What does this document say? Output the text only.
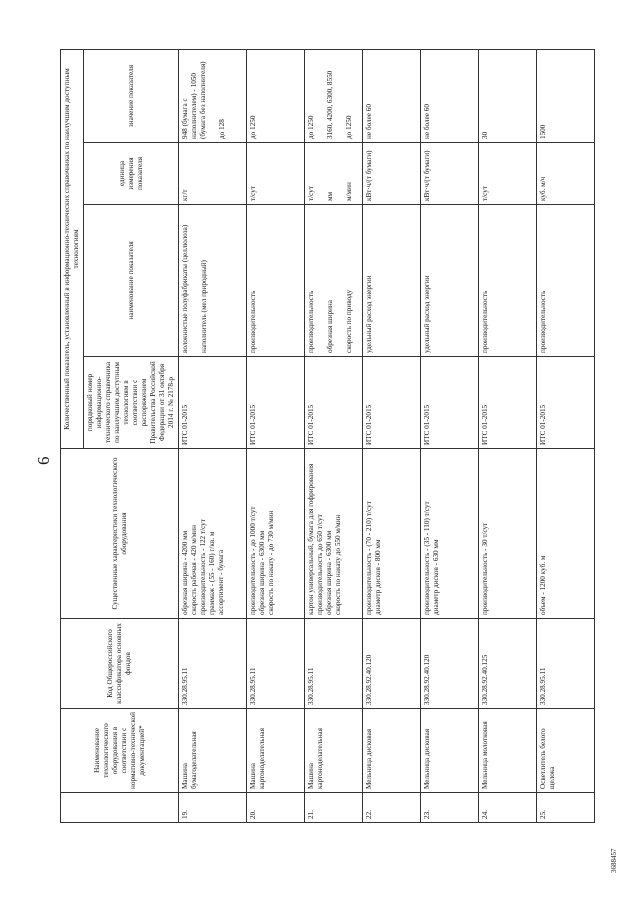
6
	Наименование технологического оборудования в соответствии с нормативно-технической документацией*	Код Общероссийского классификатора основных фондов	Существенные характеристики технологического оборудования	Количественный показатель, установленный в информационно-технических справочниках по наилучшим доступным технологиям			
				порядковый номер информационно-технического справочника по наилучшим доступным технологиям в соответствии с распоряжением Правительства Российской Федерации от 31 октября 2014 г. № 2178-р	наименование показателя	единица измерения показателя	значение показателя
19.	Машина бумагоделательная	330.28.95.11	обрезная ширина - 4200 мм скорость рабочая - 420 м/мин производительность - 122 т/сут граммаж - (55 - 160) г/кв. м ассортимент - бумага	ИТС 01-2015	волокнистые полуфабрикаты (целлюлоза) наполнитель (мел природный)	кг/т	948 (бумага с наполнителем) - 1050 (бумага без наполнителя) до 128

20.	Машина картоноделательная	330.28.95.11	производительность - до 1000 т/сут обрезная ширина - 6300 мм скорость по накату - до 730 м/мин	ИТС 01-2015	производительность	т/сут	до 1250

21.	Машина картоноделательная	330.28.95.11	картон универсальный, бумага для гофрирования производительность до 650 т/сут обрезная ширина - 6300 мм скорость по накату до 550 м/мин	ИТС 01-2015	производительность обрезная ширина скорость по приводу	т/сут мм м/мин	до 1250 3160, 4200, 6300, 8550 до 1250

22.	Мельница дисковая	330.28.92.40.120	производительность - (70 - 210) т/сут диаметр дисков - 800 мм	ИТС 01-2015	удельный расход энергии	кВт·ч/(т бумаги)	не более 60

23.	Мельница дисковая	330.28.92.40.120	производительность - (35 - 110) т/сут диаметр дисков - 630 мм	ИТС 01-2015	удельный расход энергии	кВт·ч/(т бумаги)	не более 60

24.	Мельница молотковая	330.28.92.40.125	производительность - 30 т/сут	ИТС 01-2015	производительность	т/сут	30

25.	Осветлитель белого щелока	330.28.95.11	объем - 1200 куб. м	ИТС 01-2015	производительность	куб. м/ч	1500
3688457
